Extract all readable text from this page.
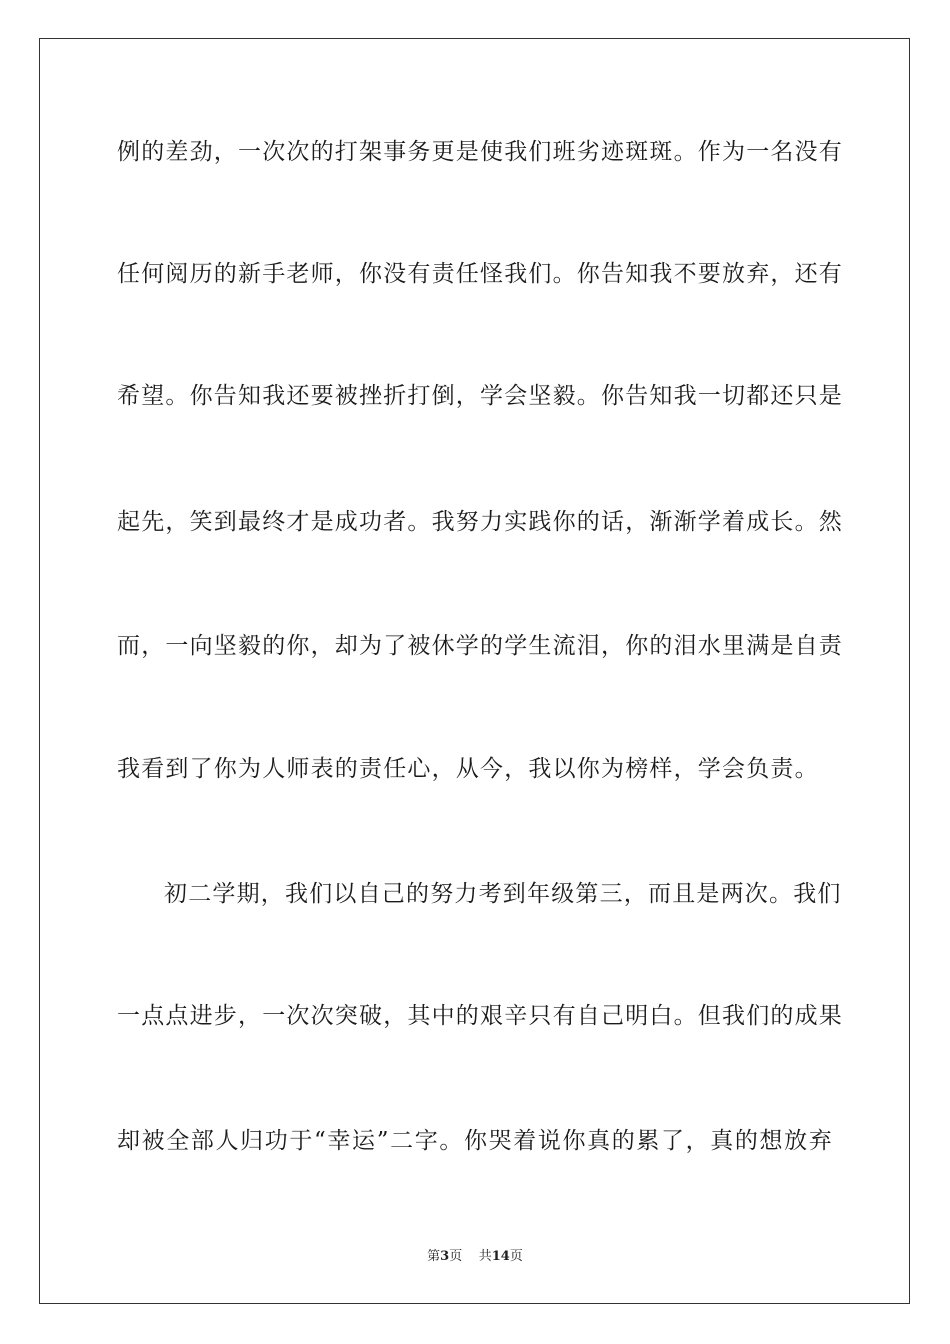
例的差劲，一次次的打架事务更是使我们班劣迹斑斑。作为一名没有
任何阅历的新手老师，你没有责任怪我们。你告知我不要放弃，还有
希望。你告知我还要被挫折打倒，学会坚毅。你告知我一切都还只是
起先，笑到最终才是成功者。我努力实践你的话，渐渐学着成长。然
而，一向坚毅的你，却为了被休学的学生流泪，你的泪水里满是自责
我看到了你为人师表的责任心，从今，我以你为榜样，学会负责。
初二学期，我们以自己的努力考到年级第三，而且是两次。我们
一点点进步，一次次突破，其中的艰辛只有自己明白。但我们的成果
却被全部人归功于“幸运”二字。你哭着说你真的累了，真的想放弃
第3页 共14页
